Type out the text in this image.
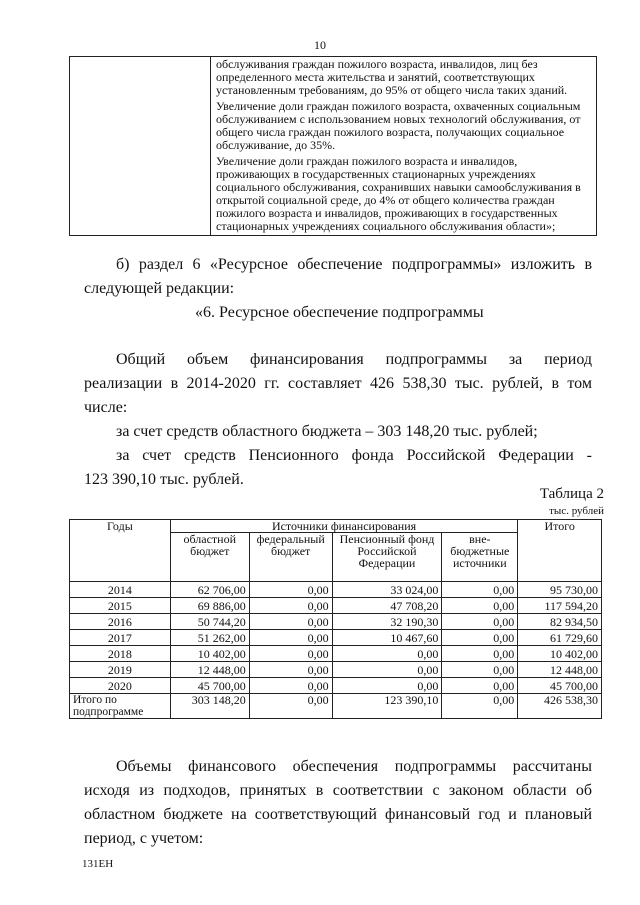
10

обслуживания граждан пожилого возраста, инвалидов, лиц без определенного места жительства и занятий, соответствующих установленным требованиям, до 95% от общего числа таких зданий.

Увеличение доли граждан пожилого возраста, охваченных социальным обслуживанием с использованием новых технологий обслуживания, от общего числа граждан пожилого возраста, получающих социальное обслуживание, до 35%.

Увеличение доли граждан пожилого возраста и инвалидов, проживающих в государственных стационарных учреждениях социального обслуживания, сохранивших навыки самообслуживания в открытой социальной среде, до 4% от общего количества граждан пожилого возраста и инвалидов, проживающих в государственных стационарных учреждениях социального обслуживания области»;

б) раздел 6 «Ресурсное обеспечение подпрограммы» изложить в
следующей редакции:
«6. Ресурсное обеспечение подпрограммы
Общий объем финансирования подпрограммы за период
реализации в 2014-2020 гг. составляет 426 538,30 тыс. рублей, в том
числе:
за счет средств областного бюджета – 303 148,20 тыс. рублей;
за счет средств Пенсионного фонда Российской Федерации -
123 390,10 тыс. рублей.
Таблица 2
тыс. рублей
Годы	Источники финансирования				Итого
	областной бюджет	федеральный бюджет	Пенсионный фонд Российской Федерации	вне-бюджетные источники	
2014	62 706,00	0,00	33 024,00	0,00	95 730,00
2015	69 886,00	0,00	47 708,20	0,00	117 594,20
2016	50 744,20	0,00	32 190,30	0,00	82 934,50
2017	51 262,00	0,00	10 467,60	0,00	61 729,60
2018	10 402,00	0,00	0,00	0,00	10 402,00
2019	12 448,00	0,00	0,00	0,00	12 448,00
2020	45 700,00	0,00	0,00	0,00	45 700,00
Итого по подпрограмме	303 148,20	0,00	123 390,10	0,00	426 538,30
Объемы финансового обеспечения подпрограммы рассчитаны
исходя из подходов, принятых в соответствии с законом области об
областном бюджете на соответствующий финансовый год и плановый
период, с учетом:
131ЕН
